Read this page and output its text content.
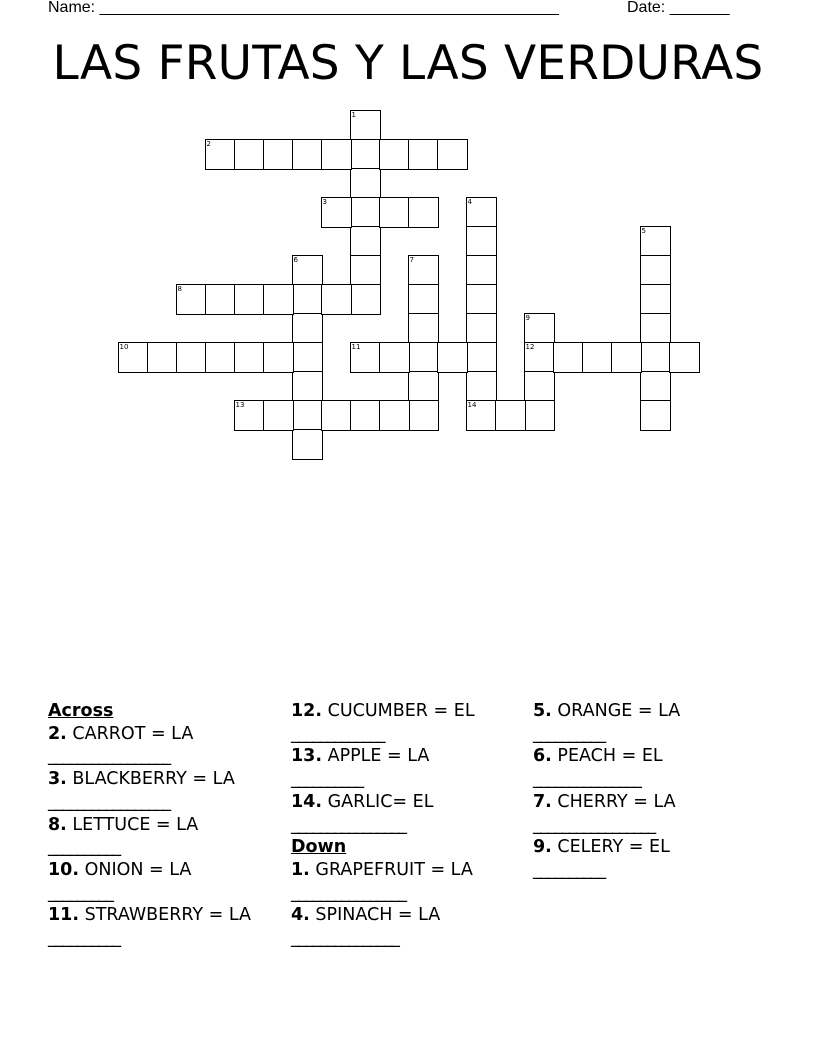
Name: ______________________________________________________	Date: _______
LAS FRUTAS Y LAS VERDURAS
1
2
3	4
14
5
6	7
8
9
12
10	11
13
Across
2. CARROT = LA
_________________
3. BLACKBERRY = LA
_________________
8. LETTUCE = LA
__________
10. ONION = LA
_________
11. STRAWBERRY = LA
__________
12. CUCUMBER = EL
_____________
13. APPLE = LA
__________
14. GARLIC= EL
________________
Down
1. GRAPEFRUIT = LA
________________
4. SPINACH = LA
_______________
5. ORANGE = LA
__________
6. PEACH = EL
_______________
7. CHERRY = LA
_________________
9. CELERY = EL
__________
